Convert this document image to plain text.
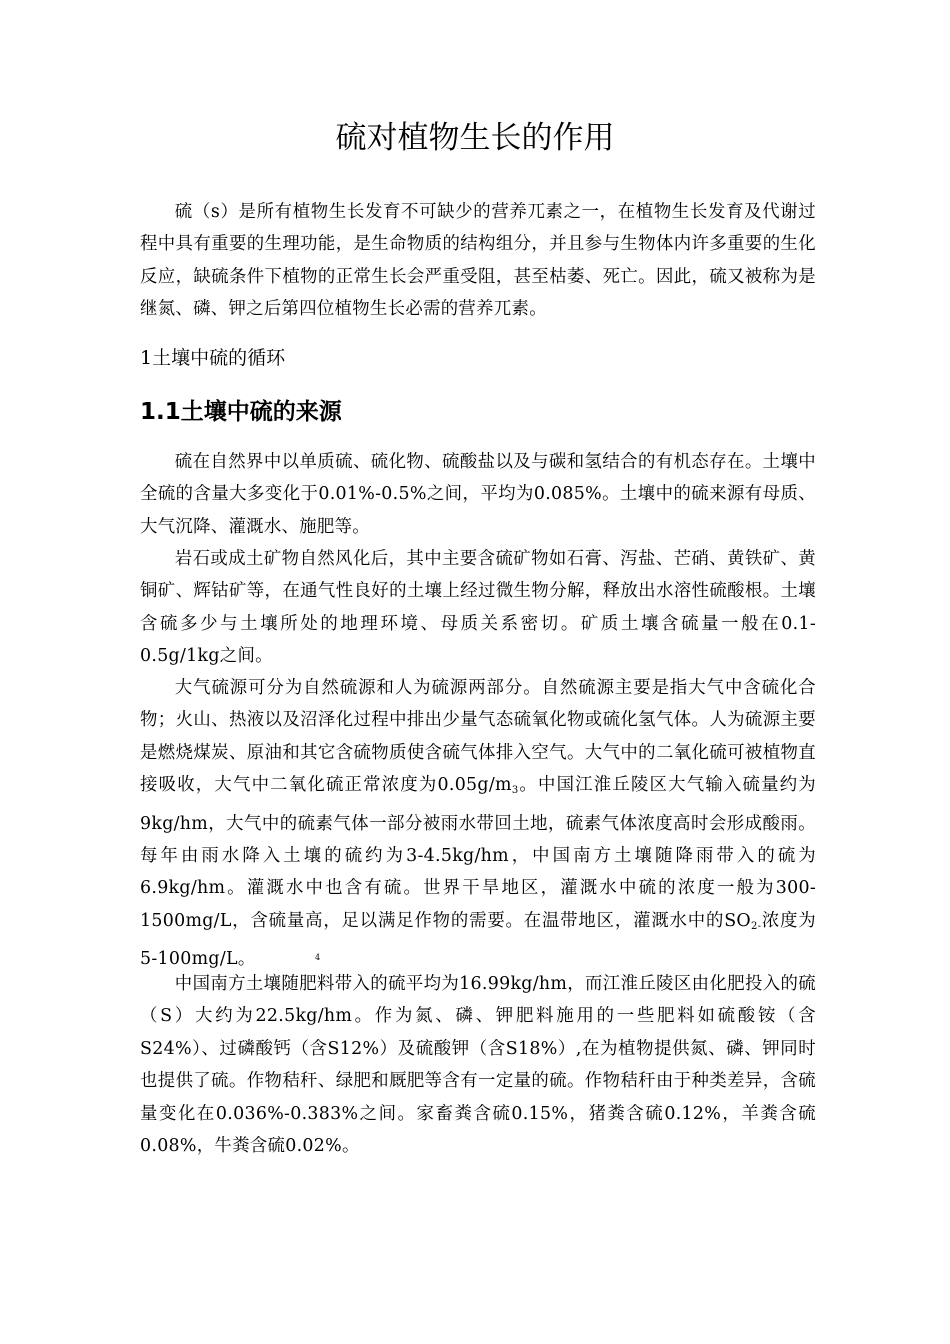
硫对植物生长的作用

硫（s）是所有植物生长发育不可缺少的营养兀素之一，在植物生长发育及代谢过程中具有重要的生理功能，是生命物质的结构组分，并且参与生物体内许多重要的生化反应，缺硫条件下植物的正常生长会严重受阻，甚至枯萎、死亡。因此，硫又被称为是继氮、磷、钾之后第四位植物生长必需的营养兀素。

1土壤中硫的循环
1.1土壤中硫的来源

硫在自然界中以单质硫、硫化物、硫酸盐以及与碳和氢结合的有机态存在。土壤中全硫的含量大多变化于0.01%-0.5%之间，平均为0.085%。土壤中的硫来源有母质、大气沉降、灌溉水、施肥等。

岩石或成土矿物自然风化后，其中主要含硫矿物如石膏、泻盐、芒硝、黄铁矿、黄铜矿、辉钴矿等，在通气性良好的土壤上经过微生物分解，释放出水溶性硫酸根。土壤含硫多少与土壤所处的地理环境、母质关系密切。矿质土壤含硫量一般在0.1-0.5g/1kg之间。

大气硫源可分为自然硫源和人为硫源两部分。自然硫源主要是指大气中含硫化合物；火山、热液以及沼泽化过程中排出少量气态硫氧化物或硫化氢气体。人为硫源主要是燃烧煤炭、原油和其它含硫物质使含硫气体排入空气。大气中的二氧化硫可被植物直接吸收，大气中二氧化硫正常浓度为$0.05g/m_3$。中国江淮丘陵区大气输入硫量约为9kg/hm，大气中的硫素气体一部分被雨水带回土地，硫素气体浓度高时会形成酸雨。每年由雨水降入土壤的硫约为3-4.5kg/hm，中国南方土壤随降雨带入的硫为6.9kg/hm。灌溉水中也含有硫。世界干旱地区，灌溉水中硫的浓度一般为300-1500mg/L，含硫量高，足以满足作物的需要。在温带地区，灌溉水中的$SO_{2-}$浓度为5-100mg/L。	4

中国南方土壤随肥料带入的硫平均为16.99kg/hm，而江淮丘陵区由化肥投入的硫（S）大约为22.5kg/hm。作为氮、磷、钾肥料施用的一些肥料如硫酸铵（含S24%）、过磷酸钙（含S12%）及硫酸钾（含S18%）,在为植物提供氮、磷、钾同时也提供了硫。作物秸秆、绿肥和厩肥等含有一定量的硫。作物秸秆由于种类差异，含硫量变化在0.036%-0.383%之间。家畜粪含硫0.15%，猪粪含硫0.12%，羊粪含硫0.08%，牛粪含硫0.02%。
